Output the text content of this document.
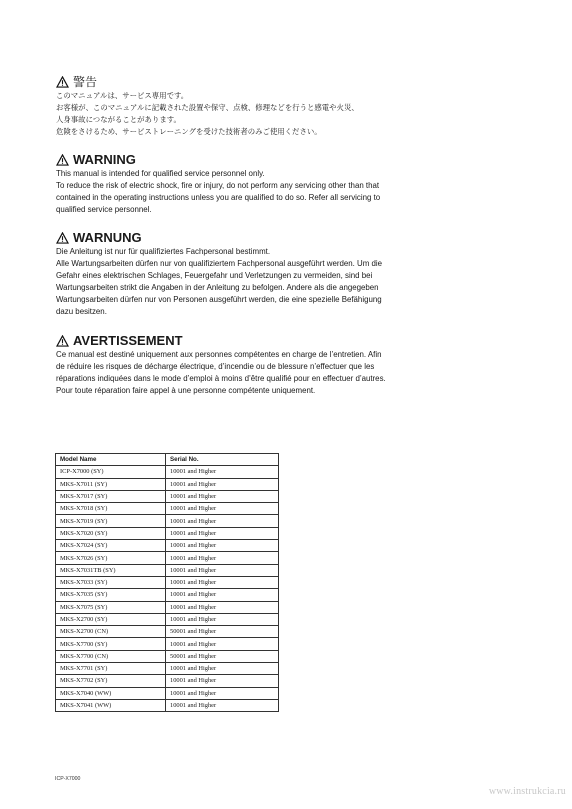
警告
このマニュアルは、サービス専用です。
お客様が、このマニュアルに記載された設置や保守、点検、修理などを行うと感電や火災、
人身事故につながることがあります。
危険をさけるため、サービストレーニングを受けた技術者のみご使用ください。
WARNING
This manual is intended for qualified service personnel only.
To reduce the risk of electric shock, fire or injury, do not perform any servicing other than that
contained in the operating instructions unless you are qualified to do so. Refer all servicing to
qualified service personnel.
WARNUNG
Die Anleitung ist nur für qualifiziertes Fachpersonal bestimmt.
Alle Wartungsarbeiten dürfen nur von qualifiziertem Fachpersonal ausgeführt werden. Um die
Gefahr eines elektrischen Schlages, Feuergefahr und Verletzungen zu vermeiden, sind bei
Wartungsarbeiten strikt die Angaben in der Anleitung zu befolgen. Andere als die angegeben
Wartungsarbeiten dürfen nur von Personen ausgeführt werden, die eine spezielle Befähigung
dazu besitzen.
AVERTISSEMENT
Ce manual est destiné uniquement aux personnes compétentes en charge de l’entretien. Afin
de réduire les risques de décharge électrique, d’incendie ou de blessure n’effectuer que les
réparations indiquées dans le mode d’emploi à moins d’être qualifié pour en effectuer d’autres.
Pour toute réparation faire appel à une personne compétente uniquement.
Model Name	Serial No.
ICP-X7000 (SY)	10001 and Higher
MKS-X7011 (SY)	10001 and Higher
MKS-X7017 (SY)	10001 and Higher
MKS-X7018 (SY)	10001 and Higher
MKS-X7019 (SY)	10001 and Higher
MKS-X7020 (SY)	10001 and Higher
MKS-X7024 (SY)	10001 and Higher
MKS-X7026 (SY)	10001 and Higher
MKS-X7031TB (SY)	10001 and Higher
MKS-X7033 (SY)	10001 and Higher
MKS-X7035 (SY)	10001 and Higher
MKS-X7075 (SY)	10001 and Higher
MKS-X2700 (SY)	10001 and Higher
MKS-X2700 (CN)	50001 and Higher
MKS-X7700 (SY)	10001 and Higher
MKS-X7700 (CN)	50001 and Higher
MKS-X7701 (SY)	10001 and Higher
MKS-X7702 (SY)	10001 and Higher
MKS-X7040 (WW)	10001 and Higher
MKS-X7041 (WW)	10001 and Higher
ICP-X7000
www.instrukcia.ru
